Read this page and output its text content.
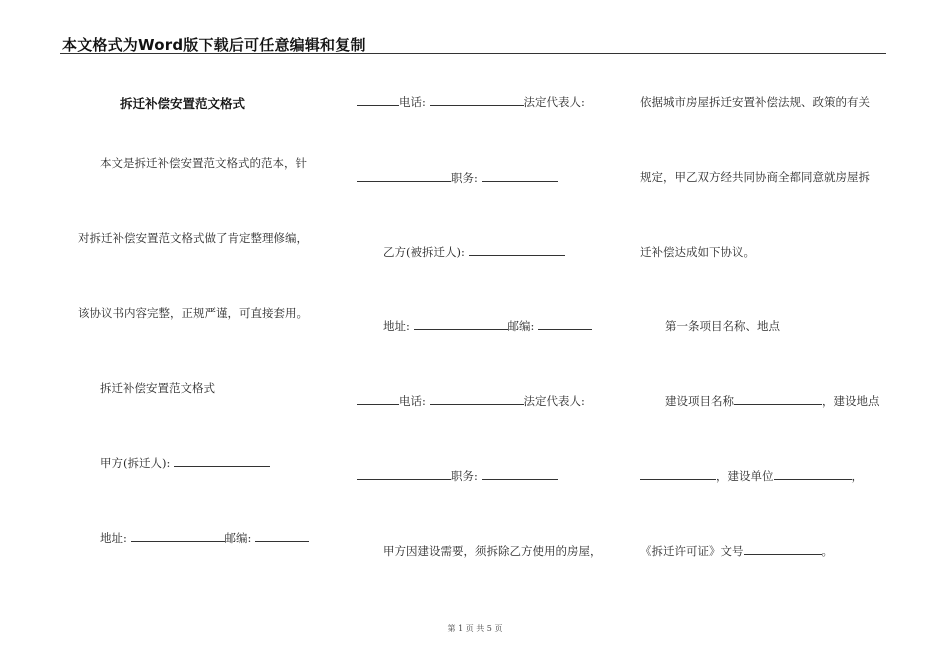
本文格式为Word版下载后可任意编辑和复制
拆迁补偿安置范文格式
本文是拆迁补偿安置范文格式的范本，针
对拆迁补偿安置范文格式做了肯定整理修编，
该协议书内容完整，正规严谨，可直接套用。
拆迁补偿安置范文格式
甲方(拆迁人):
地址:	邮编:
电话:	法定代表人:
职务:
乙方(被拆迁人):
地址:	邮编:
电话:	法定代表人:
职务:
甲方因建设需要，须拆除乙方使用的房屋，
依据城市房屋拆迁安置补偿法规、政策的有关
规定，甲乙双方经共同协商全都同意就房屋拆
迁补偿达成如下协议。
第一条项目名称、地点
建设项目名称	，建设地点
，建设单位	，
《拆迁许可证》文号	。
第 1 页 共 5 页
